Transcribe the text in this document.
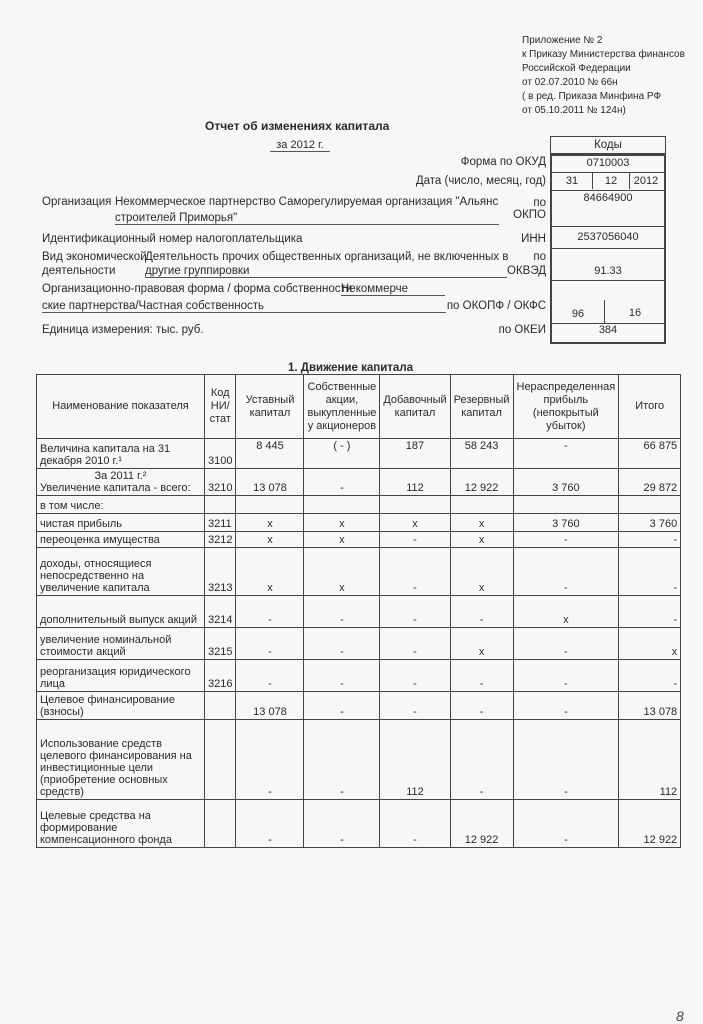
Приложение № 2
к Приказу Министерства финансов
Российской Федерации
от 02.07.2010 № 66н
( в ред. Приказа Минфина РФ
от 05.10.2011 № 124н)
Отчет об изменениях капитала
за 2012 г.	Коды
Форма по ОКУД	0710003
Дата (число, месяц, год)	31	12	2012
Организация Некоммерческое партнерство Саморегулируемая организация "Альянс
строителей Приморья"
по ОКПО
84664900
Идентификационный номер налогоплательщика	ИНН	2537056040
Вид экономической
Деятельность прочих общественных организаций, не включенных в
деятельности	другие группировки
по
ОКВЭД	91.33
Организационно-правовая форма / форма собственности
Некоммерче
ские партнерства/Частная собственность	по ОКОПФ / ОКФС
96	16
Единица измерения: тыс. руб.	по ОКЕИ	384
1. Движение капитала
Наименование показателя	Код НИ/ стат	Уставный капитал	Собственные акции, выкупленные у акционеров	Добавочный капитал	Резервный капитал	Нераспределенная прибыль (непокрытый убыток)	Итого
Величина капитала на 31 декабря 2010 г.¹	3100	8 445	( - )	187	58 243	-	66 875

За 2011 г.²
Увеличение капитала - всего:	3210	13 078	-	112	12 922	3 760	29 872
в том числе:							
чистая прибыль	3211	x	x	x	x	3 760	3 760
переоценка имущества	3212	x	x	-	x	-	-
доходы, относящиеся непосредственно на увеличение капитала	3213	x	x	-	x	-	-
дополнительный выпуск акций	3214	-	-	-	-	x	-
увеличение номинальной стоимости акций	3215	-	-	-	x	-	x
реорганизация юридического лица	3216	-	-	-	-	-	-
Целевое финансирование (взносы)		13 078	-	-	-	-	13 078
Использование средств целевого финансирования на инвестиционные цели (приобретение основных средств)		-	-	112	-	-	112
Целевые средства на формирование компенсационного фонда		-	-	-	12 922	-	12 922
8
